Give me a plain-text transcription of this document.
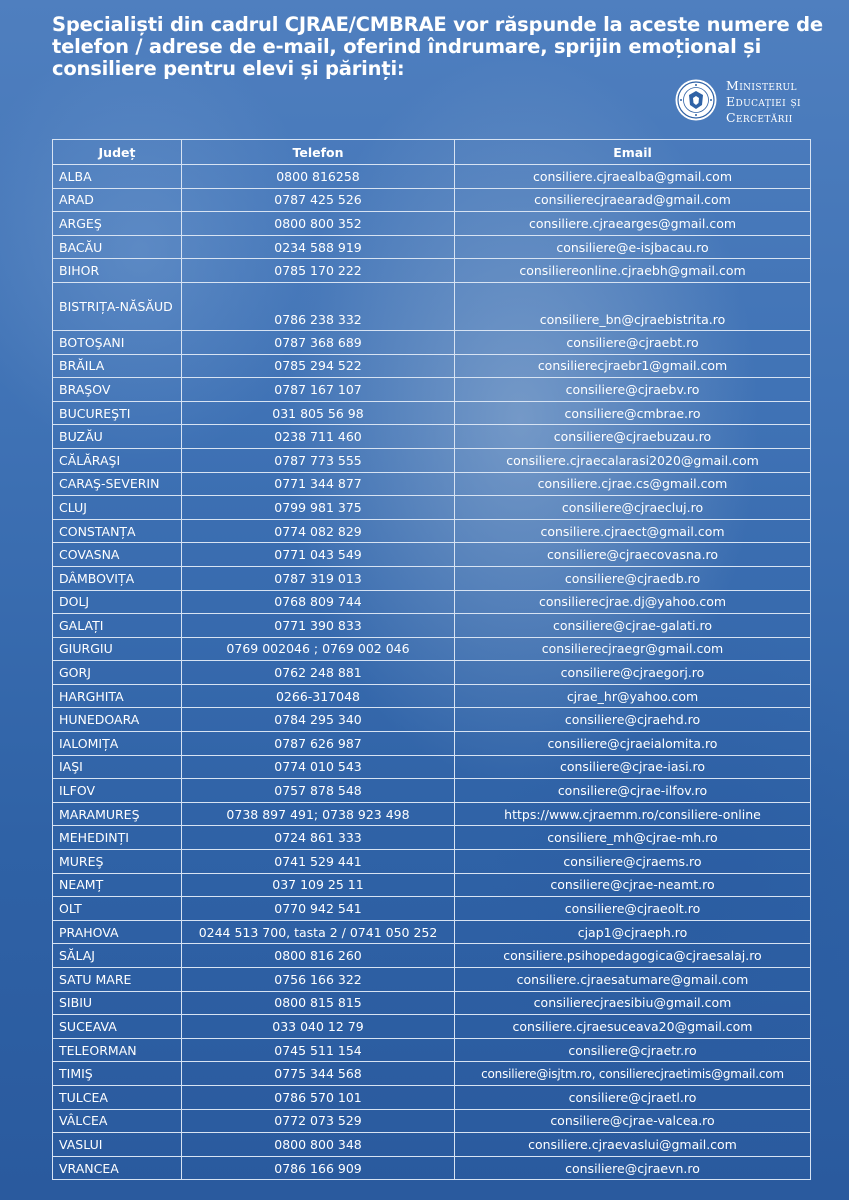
Specialiști din cadrul CJRAE/CMBRAE vor răspunde la aceste numere de telefon / adrese de e-mail, oferind îndrumare, sprijin emoțional și consiliere pentru elevi și părinți:
Ministerul
Educației și
Cercetării
Județ	Telefon	Email
ALBA	0800 816258	consiliere.cjraealba@gmail.com
ARAD	0787 425 526	consilierecjraearad@gmail.com
ARGEŞ	0800 800 352	consiliere.cjraearges@gmail.com
BACĂU	0234 588 919	consiliere@e-isjbacau.ro
BIHOR	0785 170 222	consiliereonline.cjraebh@gmail.com
BISTRIȚA-NĂSĂUD	0786 238 332	consiliere_bn@cjraebistrita.ro
BOTOŞANI	0787 368 689	consiliere@cjraebt.ro
BRĂILA	0785 294 522	consilierecjraebr1@gmail.com
BRAŞOV	0787 167 107	consiliere@cjraebv.ro
BUCUREŞTI	031 805 56 98	consiliere@cmbrae.ro
BUZĂU	0238 711 460	consiliere@cjraebuzau.ro
CĂLĂRAŞI	0787 773 555	consiliere.cjraecalarasi2020@gmail.com
CARAŞ-SEVERIN	0771 344 877	consiliere.cjrae.cs@gmail.com
CLUJ	0799 981 375	consiliere@cjraecluj.ro
CONSTANȚA	0774 082 829	consiliere.cjraect@gmail.com
COVASNA	0771 043 549	consiliere@cjraecovasna.ro
DÂMBOVIȚA	0787 319 013	consiliere@cjraedb.ro
DOLJ	0768 809 744	consilierecjrae.dj@yahoo.com
GALAȚI	0771 390 833	consiliere@cjrae-galati.ro
GIURGIU	0769 002046 ; 0769 002 046	consilierecjraegr@gmail.com
GORJ	0762 248 881	consiliere@cjraegorj.ro
HARGHITA	0266-317048	cjrae_hr@yahoo.com
HUNEDOARA	0784 295 340	consiliere@cjraehd.ro
IALOMIȚA	0787 626 987	consiliere@cjraeialomita.ro
IAŞI	0774 010 543	consiliere@cjrae-iasi.ro
ILFOV	0757 878 548	consiliere@cjrae-ilfov.ro
MARAMUREŞ	0738 897 491; 0738 923 498	https://www.cjraemm.ro/consiliere-online
MEHEDINȚI	0724 861 333	consiliere_mh@cjrae-mh.ro
MUREŞ	0741 529 441	consiliere@cjraems.ro
NEAMȚ	037 109 25 11	consiliere@cjrae-neamt.ro
OLT	0770 942 541	consiliere@cjraeolt.ro
PRAHOVA	0244 513 700, tasta 2 / 0741 050 252	cjap1@cjraeph.ro
SĂLAJ	0800 816 260	consiliere.psihopedagogica@cjraesalaj.ro
SATU MARE	0756 166 322	consiliere.cjraesatumare@gmail.com
SIBIU	0800 815 815	consilierecjraesibiu@gmail.com
SUCEAVA	033 040 12 79	consiliere.cjraesuceava20@gmail.com
TELEORMAN	0745 511 154	consiliere@cjraetr.ro
TIMIŞ	0775 344 568	consiliere@isjtm.ro, consilierecjraetimis@gmail.com
TULCEA	0786 570 101	consiliere@cjraetl.ro
VÂLCEA	0772 073 529	consiliere@cjrae-valcea.ro
VASLUI	0800 800 348	consiliere.cjraevaslui@gmail.com
VRANCEA	0786 166 909	consiliere@cjraevn.ro
